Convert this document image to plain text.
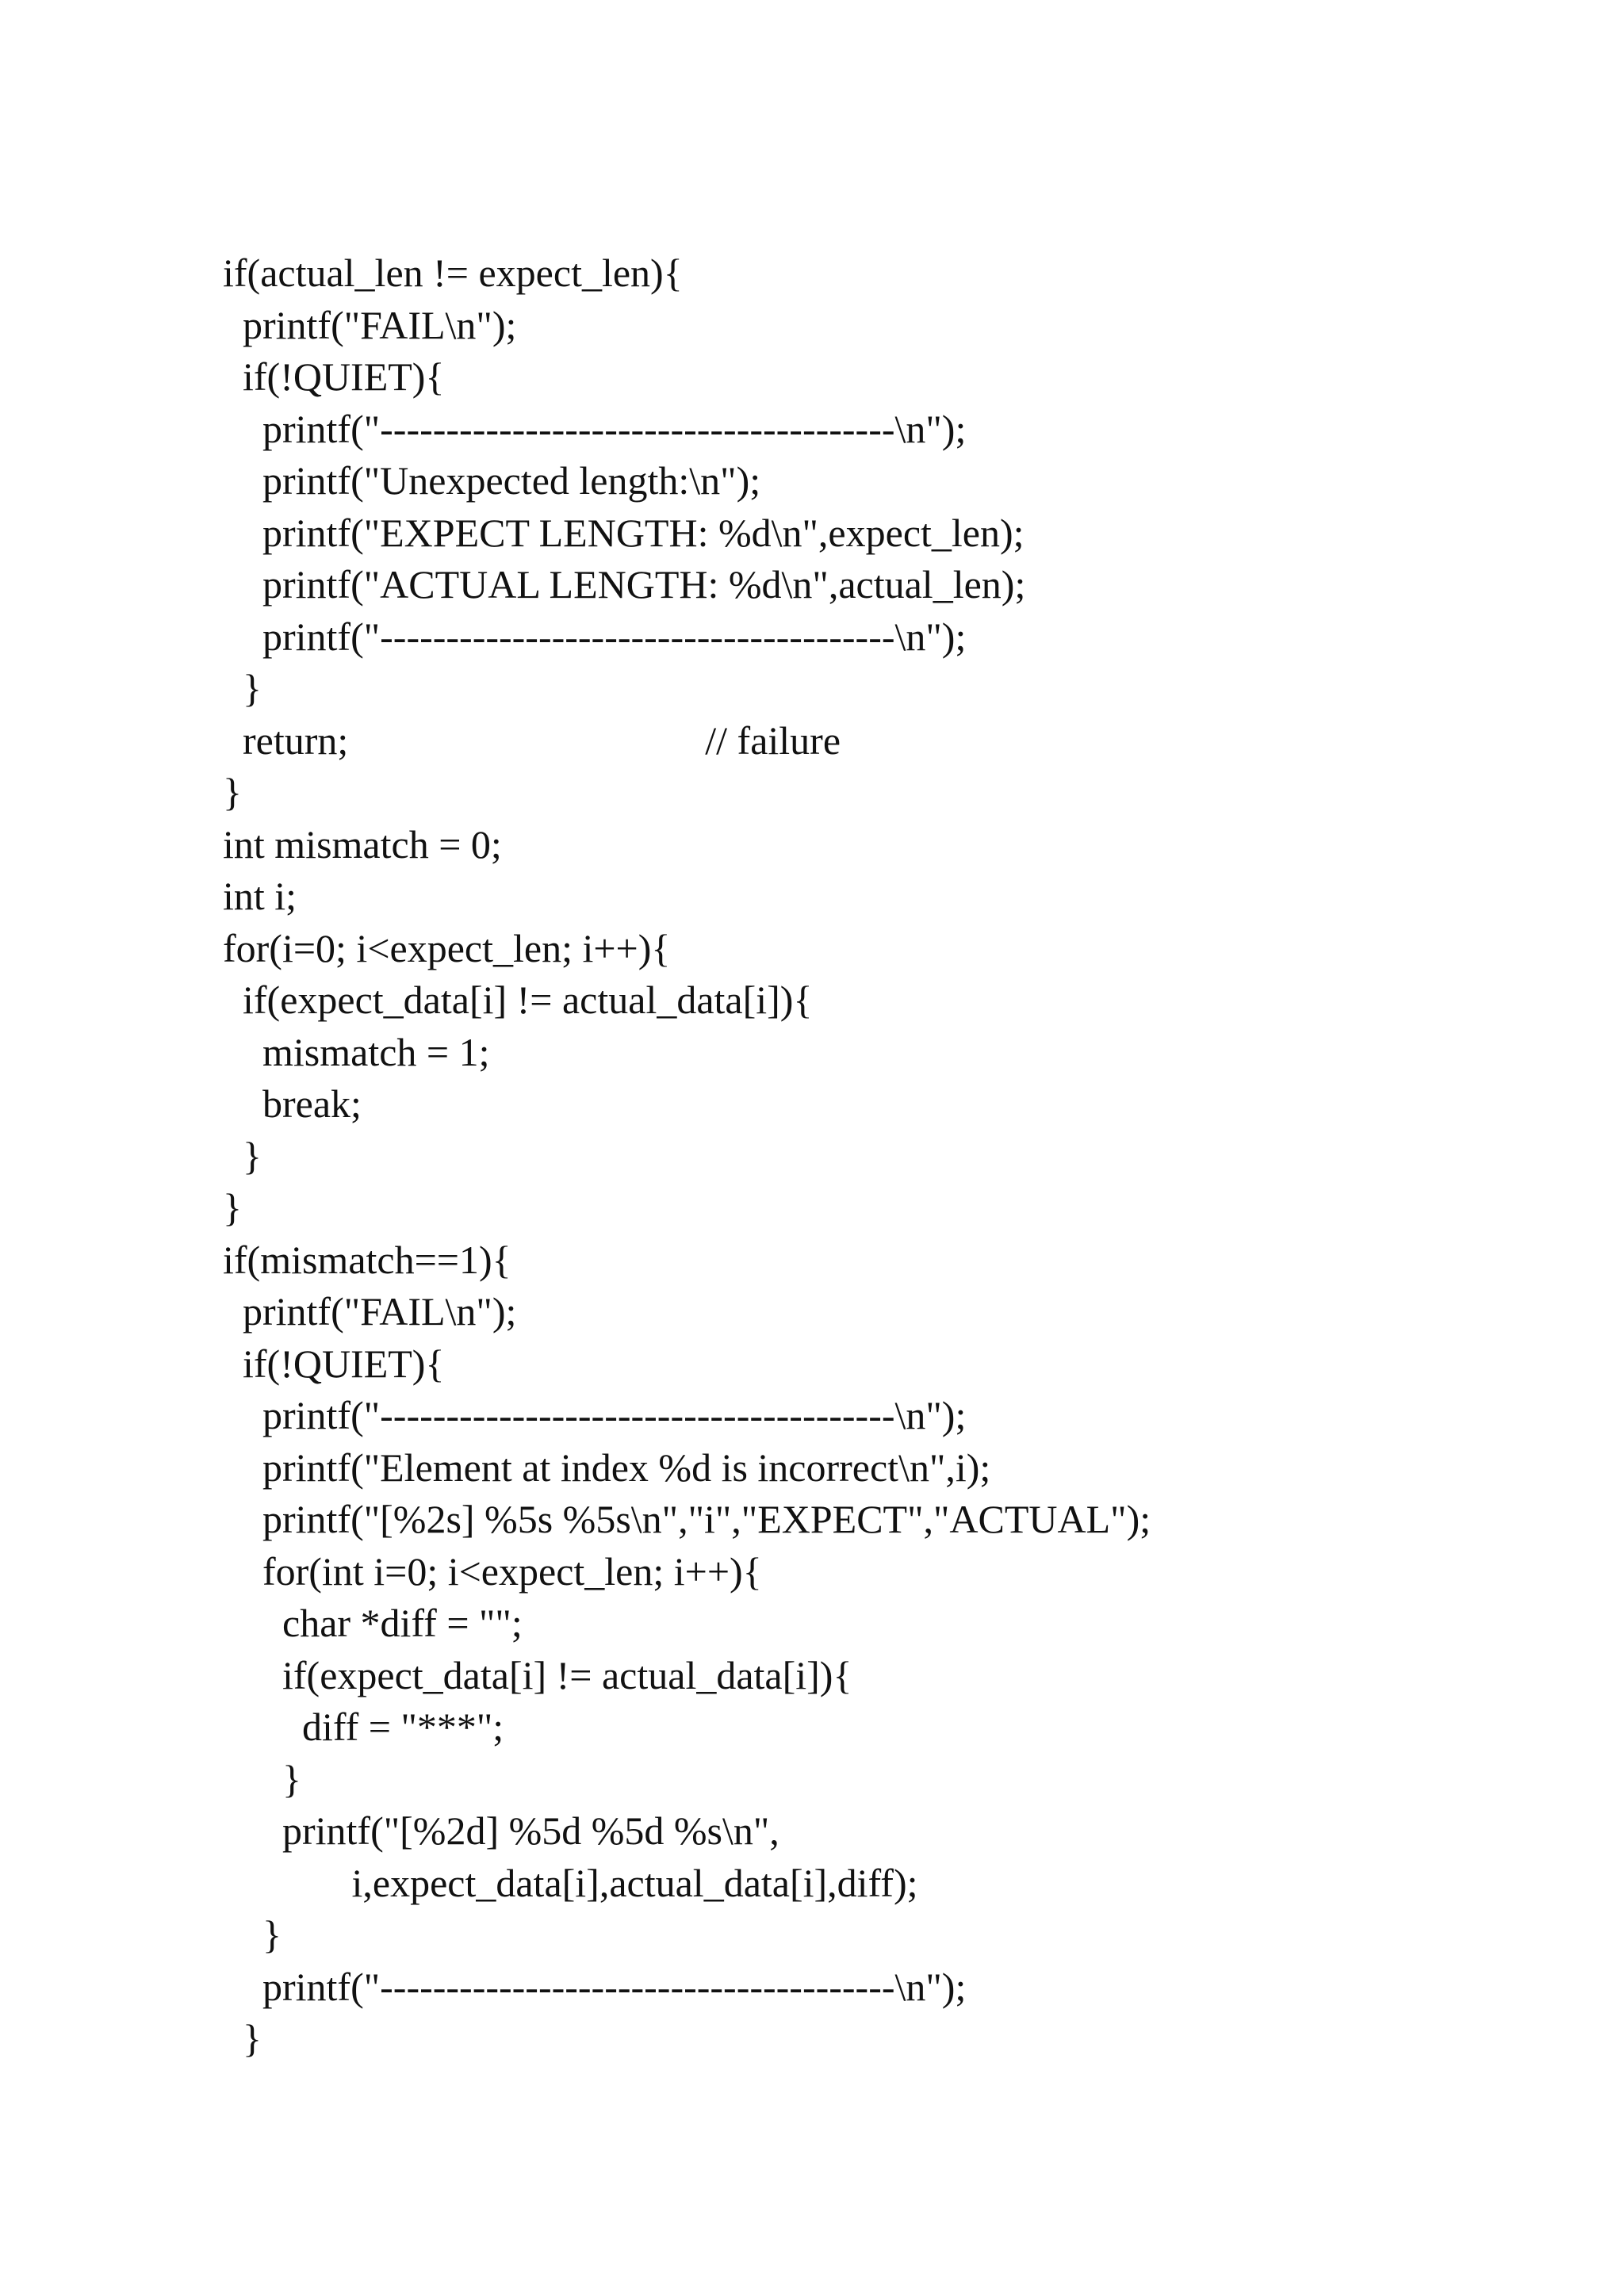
if(actual_len != expect_len){
printf("FAIL\n");
if(!QUIET){
printf("---------------------------------------\n");
printf("Unexpected length:\n");
printf("EXPECT LENGTH: %d\n",expect_len);
printf("ACTUAL LENGTH: %d\n",actual_len);
printf("---------------------------------------\n");
}
return;                                    // failure
}
int mismatch = 0;
int i;
for(i=0; i<expect_len; i++){
if(expect_data[i] != actual_data[i]){
mismatch = 1;
break;
}
}
if(mismatch==1){
printf("FAIL\n");
if(!QUIET){
printf("---------------------------------------\n");
printf("Element at index %d is incorrect\n",i);
printf("[%2s] %5s %5s\n","i","EXPECT","ACTUAL");
for(int i=0; i<expect_len; i++){
char *diff = "";
if(expect_data[i] != actual_data[i]){
diff = "***";
}
printf("[%2d] %5d %5d %s\n",
i,expect_data[i],actual_data[i],diff);
}
printf("---------------------------------------\n");
}
